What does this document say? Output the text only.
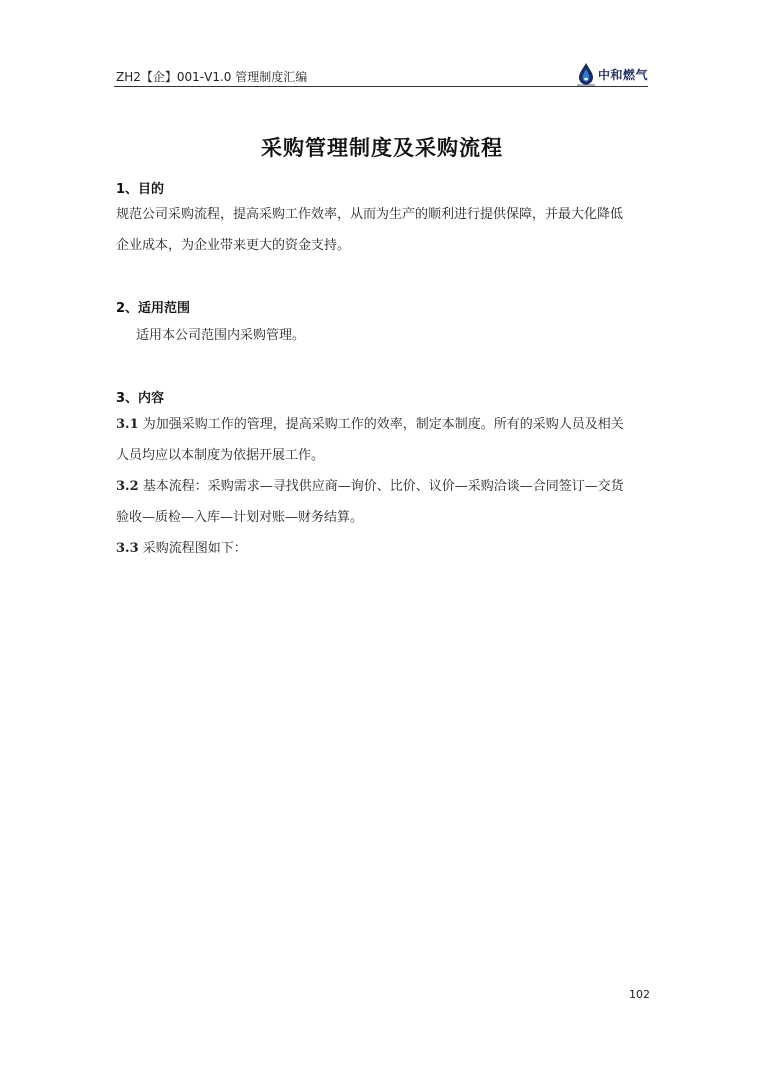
ZH2【企】001-V1.0 管理制度汇编	中和燃气
采购管理制度及采购流程
1、目的
规范公司采购流程，提高采购工作效率，从而为生产的顺利进行提供保障，并最大化降低
企业成本，为企业带来更大的资金支持。
2、适用范围
适用本公司范围内采购管理。
3、内容
3.1 为加强采购工作的管理，提高采购工作的效率，制定本制度。所有的采购人员及相关
人员均应以本制度为依据开展工作。
3.2 基本流程：采购需求—寻找供应商—询价、比价、议价—采购洽谈—合同签订—交货
验收—质检—入库—计划对账—财务结算。
3.3 采购流程图如下：
102
